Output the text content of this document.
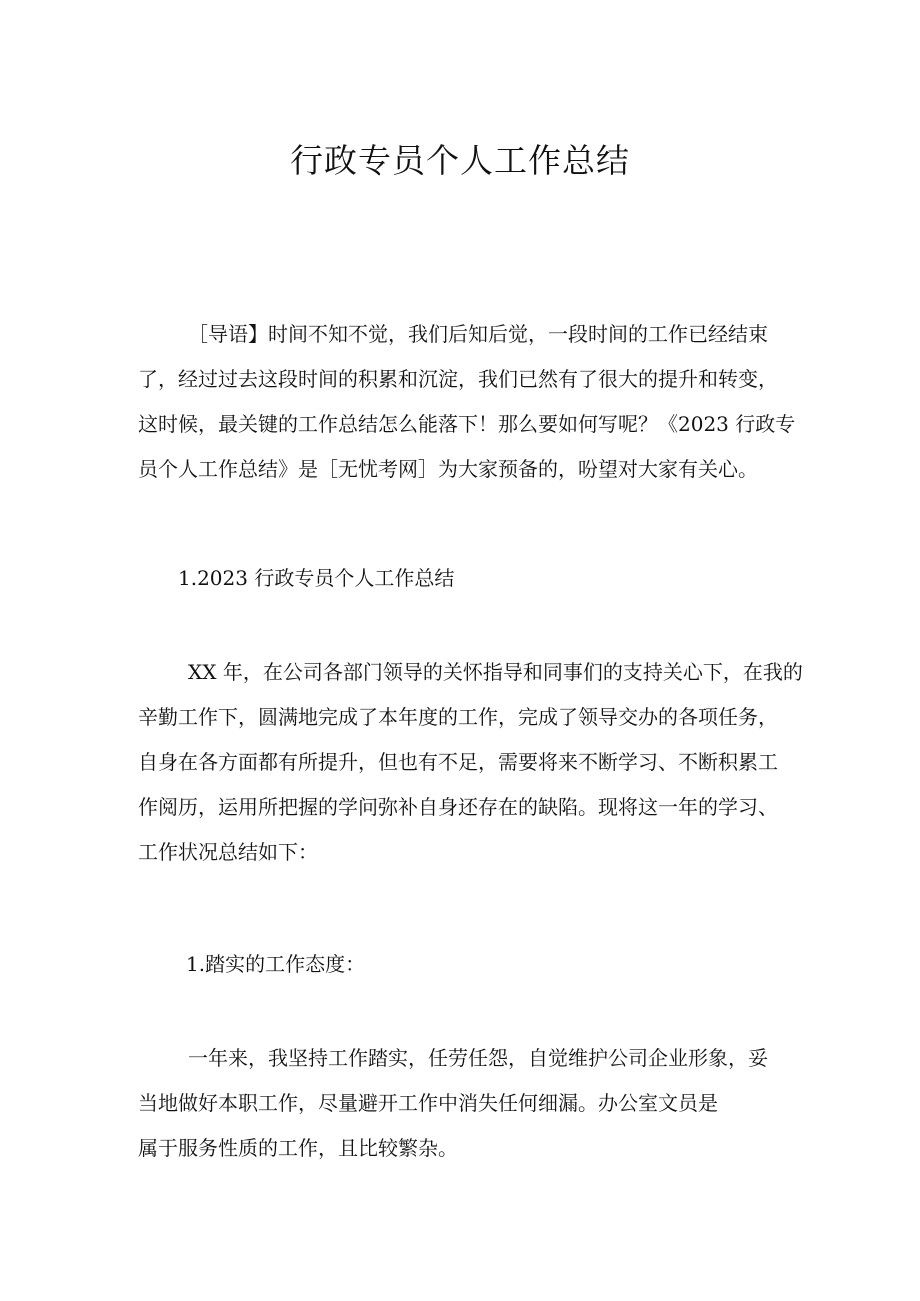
行政专员个人工作总结
［导语】时间不知不觉，我们后知后觉，一段时间的工作已经结束
了，经过过去这段时间的积累和沉淀，我们已然有了很大的提升和转变，
这时候，最关键的工作总结怎么能落下！那么要如何写呢？《2023 行政专
员个人工作总结》是［无忧考网］为大家预备的，吩望对大家有关心。
1.2023 行政专员个人工作总结
XX 年，在公司各部门领导的关怀指导和同事们的支持关心下，在我的
辛勤工作下，圆满地完成了本年度的工作，完成了领导交办的各项任务，
自身在各方面都有所提升，但也有不足，需要将来不断学习、不断积累工
作阅历，运用所把握的学问弥补自身还存在的缺陷。现将这一年的学习、
工作状况总结如下：
1.踏实的工作态度：
一年来，我坚持工作踏实，任劳任怨，自觉维护公司企业形象，妥
当地做好本职工作，尽量避开工作中消失任何细漏。办公室文员是
属于服务性质的工作，且比较繁杂。
